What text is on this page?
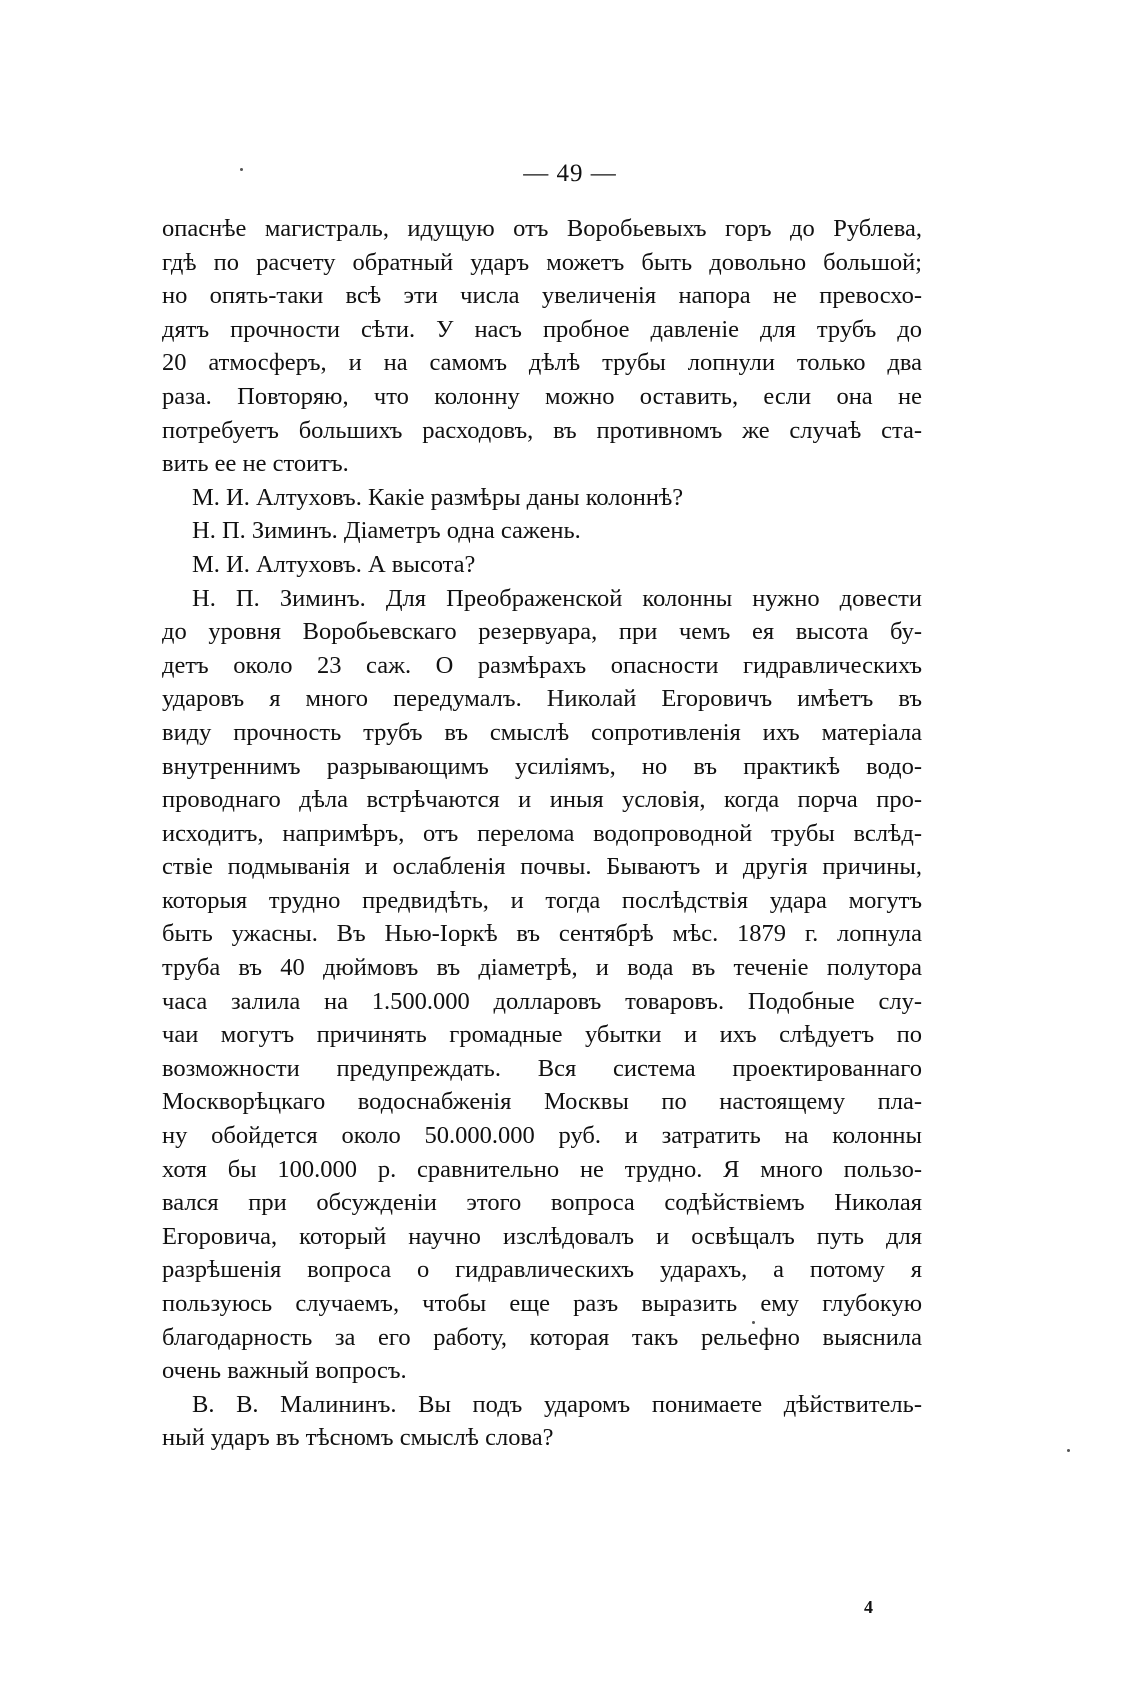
— 49 —
опаснѣе магистраль, идущую отъ Воробьевыхъ горъ до Рублева,
гдѣ по расчету обратный ударъ можетъ быть довольно большой;
но опять-таки всѣ эти числа увеличенія напора не превосхо-
дятъ прочности сѣти. У насъ пробное давленіе для трубъ до
20 атмосферъ, и на самомъ дѣлѣ трубы лопнули только два
раза. Повторяю, что колонну можно оставить, если она не
потребуетъ большихъ расходовъ, въ противномъ же случаѣ ста-
вить ее не стоитъ.
М. И. Алтуховъ. Какіе размѣры даны колоннѣ?
Н. П. Зиминъ. Діаметръ одна сажень.
М. И. Алтуховъ. А высота?
Н. П. Зиминъ. Для Преображенской колонны нужно довести
до уровня Воробьевскаго резервуара, при чемъ ея высота бу-
детъ около 23 саж. О размѣрахъ опасности гидравлическихъ
ударовъ я много передумалъ. Николай Егоровичъ имѣетъ въ
виду прочность трубъ въ смыслѣ сопротивленія ихъ матеріала
внутреннимъ разрывающимъ усиліямъ, но въ практикѣ водо-
проводнаго дѣла встрѣчаются и иныя условія, когда порча про-
исходитъ, напримѣръ, отъ перелома водопроводной трубы вслѣд-
ствіе подмыванія и ослабленія почвы. Бываютъ и другія причины,
которыя трудно предвидѣть, и тогда послѣдствія удара могутъ
быть ужасны. Въ Нью-Iоркѣ въ сентябрѣ мѣс. 1879 г. лопнула
труба въ 40 дюймовъ въ діаметрѣ, и вода въ теченіе полутора
часа залила на 1.500.000 долларовъ товаровъ. Подобные слу-
чаи могутъ причинять громадные убытки и ихъ слѣдуетъ по
возможности предупреждать. Вся система проектированнаго
Москворѣцкаго водоснабженія Москвы по настоящему пла-
ну обойдется около 50.000.000 руб. и затратить на колонны
хотя бы 100.000 р. сравнительно не трудно. Я много пользо-
вался при обсужденіи этого вопроса содѣйствіемъ Николая
Егоровича, который научно изслѣдовалъ и освѣщалъ путь для
разрѣшенія вопроса о гидравлическихъ ударахъ, а потому я
пользуюсь случаемъ, чтобы еще разъ выразить ему глубокую
благодарность за его работу, которая такъ рельефно выяснила
очень важный вопросъ.
В. В. Малининъ. Вы подъ ударомъ понимаете дѣйствитель-
ный ударъ въ тѣсномъ смыслѣ слова?
4
